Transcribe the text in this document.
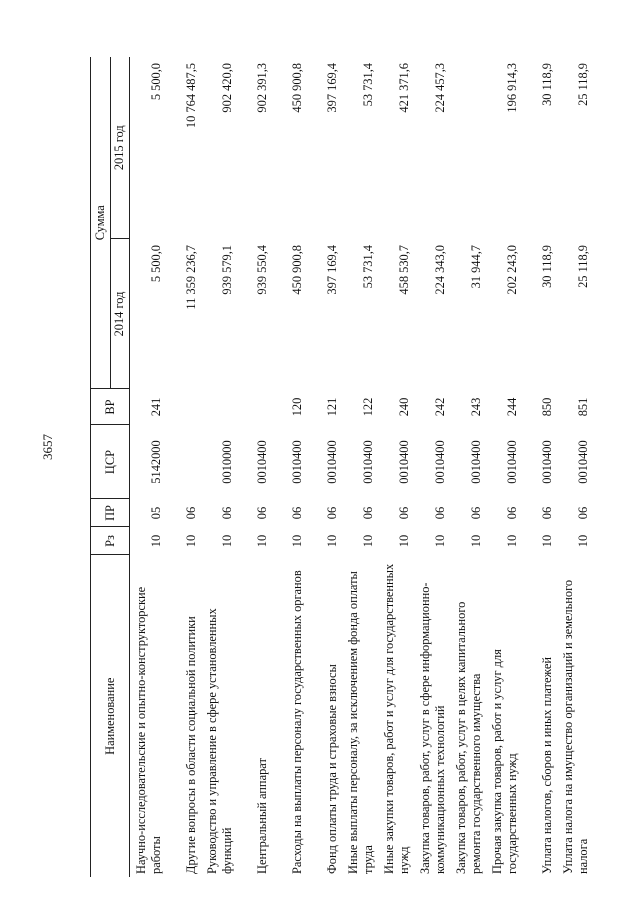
3657
Наименование	Рз	ПР	ЦСР	ВР	Сумма	
					2014 год	2015 год
Научно-исследовательские и опытно-конструкторские работы	10	05	5142000	241	5 500,0	5 500,0
Другие вопросы в области социальной политики	10	06			11 359 236,7	10 764 487,5
Руководство и управление в сфере установленных функций	10	06	0010000		939 579,1	902 420,0
Центральный аппарат	10	06	0010400		939 550,4	902 391,3
Расходы на выплаты персоналу государственных органов	10	06	0010400	120	450 900,8	450 900,8
Фонд оплаты труда и страховые взносы	10	06	0010400	121	397 169,4	397 169,4
Иные выплаты персоналу, за исключением фонда оплаты труда	10	06	0010400	122	53 731,4	53 731,4
Иные закупки товаров, работ и услуг для государственных нужд	10	06	0010400	240	458 530,7	421 371,6
Закупка товаров, работ, услуг в сфере информационно-коммуникационных технологий	10	06	0010400	242	224 343,0	224 457,3
Закупка товаров, работ, услуг в целях капитального ремонта государственного имущества	10	06	0010400	243	31 944,7	
Прочая закупка товаров, работ и услуг для государственных нужд	10	06	0010400	244	202 243,0	196 914,3
Уплата налогов, сборов и иных платежей	10	06	0010400	850	30 118,9	30 118,9
Уплата налога на имущество организаций и земельного налога	10	06	0010400	851	25 118,9	25 118,9
